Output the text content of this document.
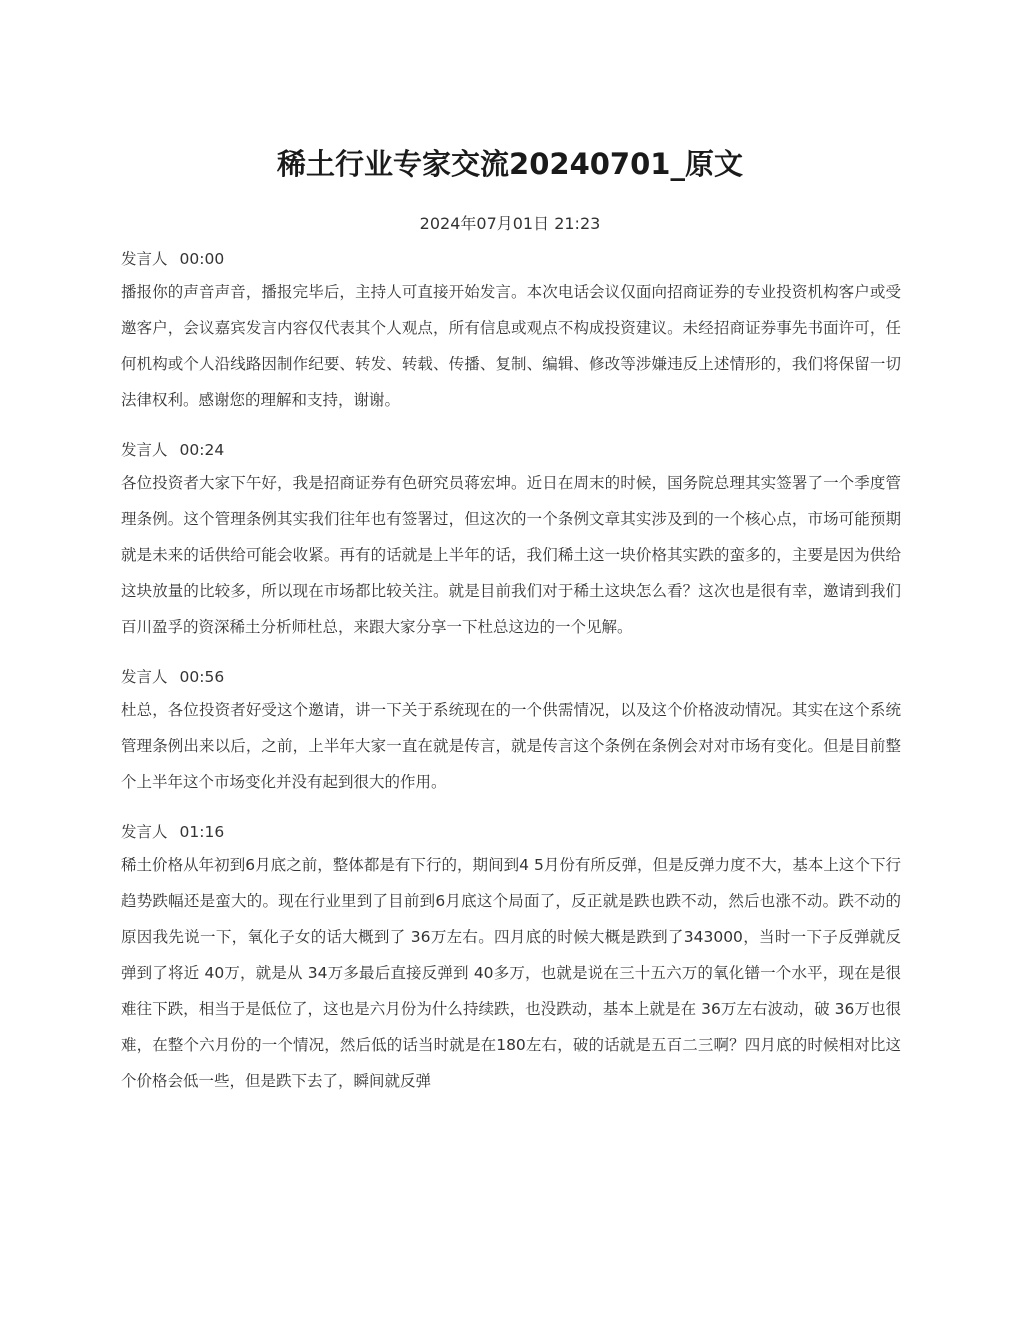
稀土行业专家交流20240701_原文
2024年07月01日 21:23
发言人 00:00

播报你的声音声音，播报完毕后，主持人可直接开始发言。本次电话会议仅面向招商证券的专业投资机构客户或受邀客户，会议嘉宾发言内容仅代表其个人观点，所有信息或观点不构成投资建议。未经招商证券事先书面许可，任何机构或个人沿线路因制作纪要、转发、转载、传播、复制、编辑、修改等涉嫌违反上述情形的，我们将保留一切法律权利。感谢您的理解和支持，谢谢。

发言人 00:24

各位投资者大家下午好，我是招商证券有色研究员蒋宏坤。近日在周末的时候，国务院总理其实签署了一个季度管理条例。这个管理条例其实我们往年也有签署过，但这次的一个条例文章其实涉及到的一个核心点，市场可能预期就是未来的话供给可能会收紧。再有的话就是上半年的话，我们稀土这一块价格其实跌的蛮多的，主要是因为供给这块放量的比较多，所以现在市场都比较关注。就是目前我们对于稀土这块怎么看？这次也是很有幸，邀请到我们百川盈孚的资深稀土分析师杜总，来跟大家分享一下杜总这边的一个见解。

发言人 00:56

杜总，各位投资者好受这个邀请，讲一下关于系统现在的一个供需情况，以及这个价格波动情况。其实在这个系统管理条例出来以后，之前，上半年大家一直在就是传言，就是传言这个条例在条例会对对市场有变化。但是目前整个上半年这个市场变化并没有起到很大的作用。

发言人 01:16

稀土价格从年初到6月底之前，整体都是有下行的，期间到4 5月份有所反弹，但是反弹力度不大，基本上这个下行趋势跌幅还是蛮大的。现在行业里到了目前到6月底这个局面了，反正就是跌也跌不动，然后也涨不动。跌不动的原因我先说一下，氧化子女的话大概到了 36万左右。四月底的时候大概是跌到了343000，当时一下子反弹就反弹到了将近 40万，就是从 34万多最后直接反弹到 40多万，也就是说在三十五六万的氧化镨一个水平，现在是很难往下跌，相当于是低位了，这也是六月份为什么持续跌，也没跌动，基本上就是在 36万左右波动，破 36万也很难，在整个六月份的一个情况，然后低的话当时就是在180左右，破的话就是五百二三啊？四月底的时候相对比这个价格会低一些，但是跌下去了，瞬间就反弹
